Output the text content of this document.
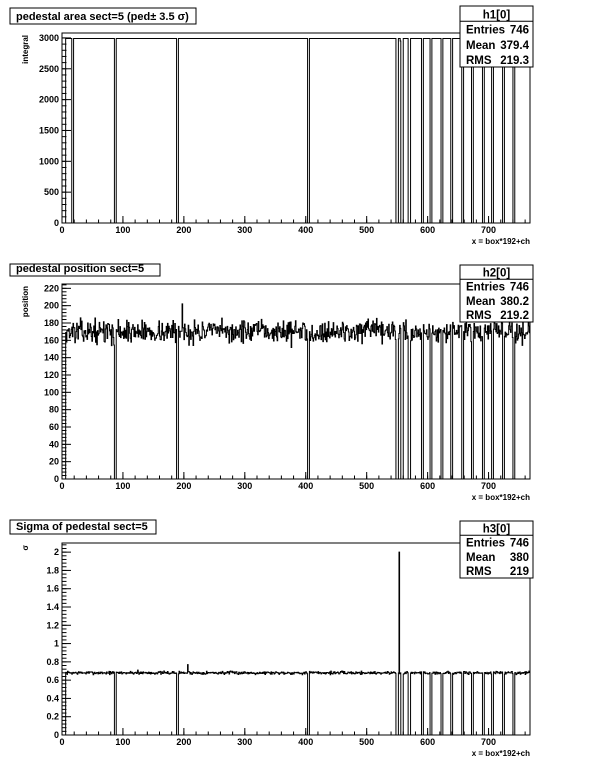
pedestal area sect=5 (ped± 3.5 σ)
0	100	200	300	400	500	600	700
0
500
1000
1500
2000
2500
3000
x = box*192+ch
integral
h1[0]
Entries 746
Mean 379.4
RMS 219.3
pedestal position sect=5
0	100	200	300	400	500	600	700
0
20
40
60
80
100
120
140
160
180
200
220
x = box*192+ch
position
h2[0]
Entries 746
Mean 380.2
RMS 219.2
Sigma of pedestal sect=5
0	100	200	300	400	500	600	700
0
0.2
0.4
0.6
0.8
1
1.2
1.4
1.6
1.8
2
x = box*192+ch
σ
h3[0]
Entries 746
Mean 380
RMS 219
